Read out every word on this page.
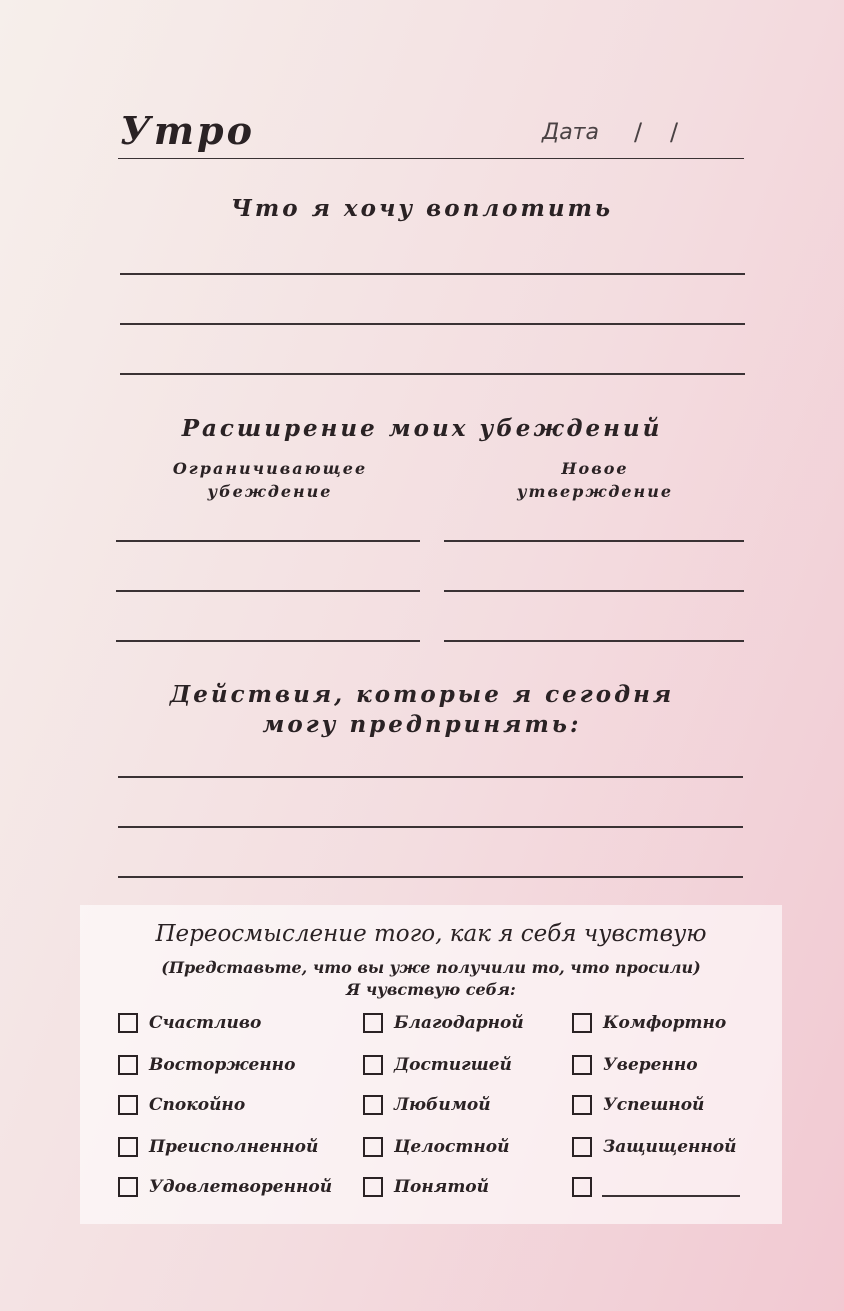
Утро	Дата / /
Что я хочу воплотить
Расширение моих убеждений
Ограничивающее
убеждение
Новое
утверждение
Действия, которые я сегодня
могу предпринять:
Переосмысление того, как я себя чувствую
(Представьте, что вы уже получили то, что просили)
Я чувствую себя:
Счастливо	Благодарной	Комфортно
Восторженно	Достигшей	Уверенно
Спокойно	Любимой	Успешной
Преисполненной	Целостной	Защищенной
Удовлетворенной	Понятой
